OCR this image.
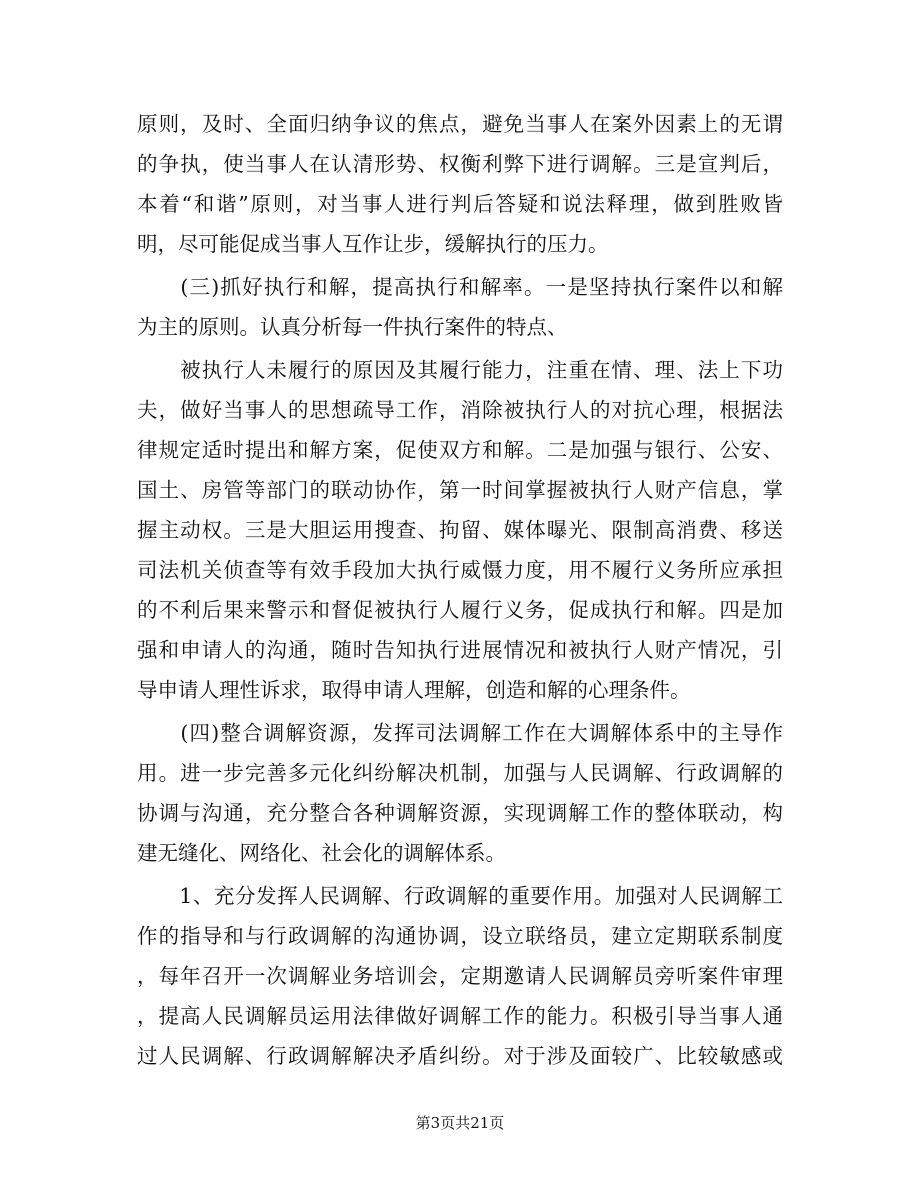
原则，及时、全面归纳争议的焦点，避免当事人在案外因素上的无谓
的争执，使当事人在认清形势、权衡利弊下进行调解。三是宣判后，
本着“和谐”原则，对当事人进行判后答疑和说法释理，做到胜败皆
明，尽可能促成当事人互作让步，缓解执行的压力。
　　(三)抓好执行和解，提高执行和解率。一是坚持执行案件以和解
为主的原则。认真分析每一件执行案件的特点、
　　被执行人未履行的原因及其履行能力，注重在情、理、法上下功
夫，做好当事人的思想疏导工作，消除被执行人的对抗心理，根据法
律规定适时提出和解方案，促使双方和解。二是加强与银行、公安、
国土、房管等部门的联动协作，第一时间掌握被执行人财产信息，掌
握主动权。三是大胆运用搜查、拘留、媒体曝光、限制高消费、移送
司法机关侦查等有效手段加大执行威慑力度，用不履行义务所应承担
的不利后果来警示和督促被执行人履行义务，促成执行和解。四是加
强和申请人的沟通，随时告知执行进展情况和被执行人财产情况，引
导申请人理性诉求，取得申请人理解，创造和解的心理条件。
　　(四)整合调解资源，发挥司法调解工作在大调解体系中的主导作
用。进一步完善多元化纠纷解决机制，加强与人民调解、行政调解的
协调与沟通，充分整合各种调解资源，实现调解工作的整体联动，构
建无缝化、网络化、社会化的调解体系。
　　1、充分发挥人民调解、行政调解的重要作用。加强对人民调解工
作的指导和与行政调解的沟通协调，设立联络员，建立定期联系制度
，每年召开一次调解业务培训会，定期邀请人民调解员旁听案件审理
，提高人民调解员运用法律做好调解工作的能力。积极引导当事人通
过人民调解、行政调解解决矛盾纠纷。对于涉及面较广、比较敏感或
第3页共21页
